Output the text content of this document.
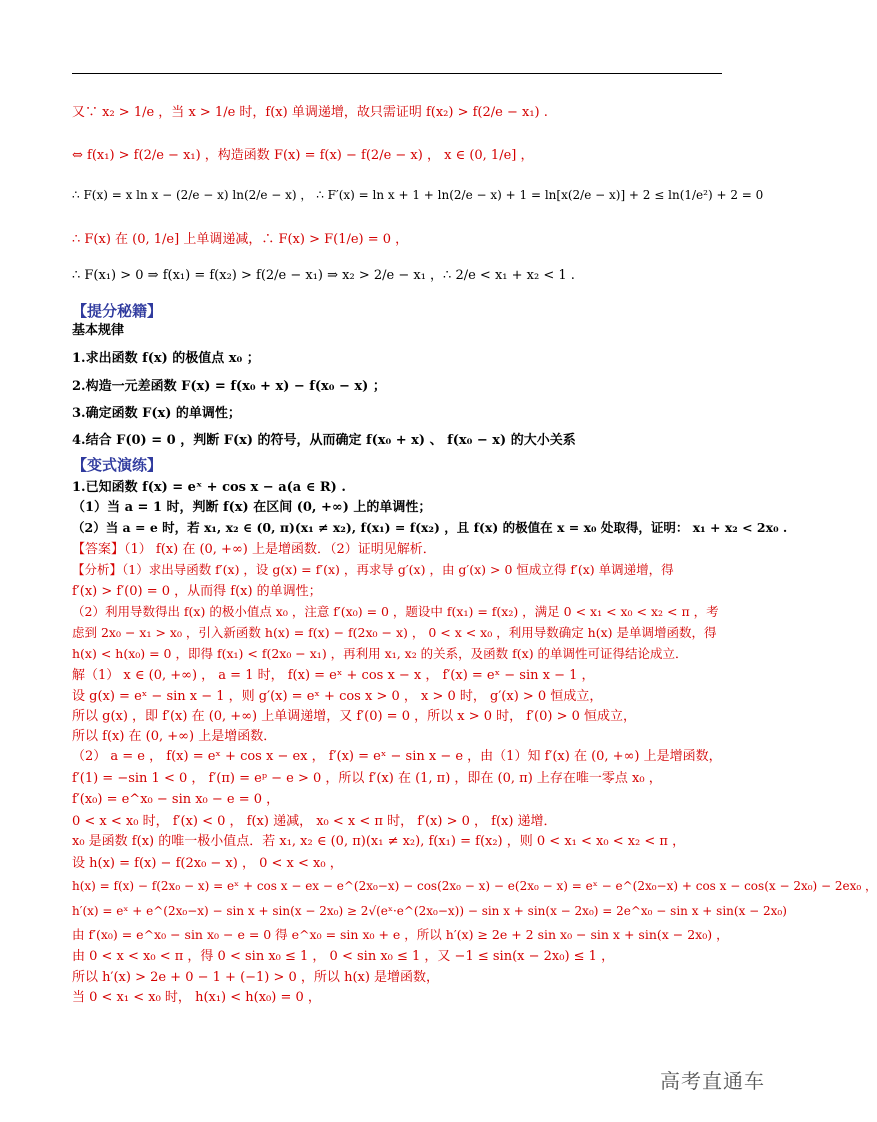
又∵ x₂ > 1/e ，当 x > 1/e 时，f(x) 单调递增，故只需证明 f(x₂) > f(2/e − x₁) .
⇔ f(x₁) > f(2/e − x₁) ，构造函数 F(x) = f(x) − f(2/e − x) ， x ∈ (0, 1/e] ，
∴ F(x) = x ln x − (2/e − x) ln(2/e − x) ， ∴ F′(x) = ln x + 1 + ln(2/e − x) + 1 = ln[x(2/e − x)] + 2 ≤ ln(1/e²) + 2 = 0
∴ F(x) 在 (0, 1/e] 上单调递减，∴ F(x) > F(1/e) = 0 ，
∴ F(x₁) > 0 ⇒ f(x₁) = f(x₂) > f(2/e − x₁) ⇒ x₂ > 2/e − x₁ ，∴ 2/e < x₁ + x₂ < 1 .
【提分秘籍】
基本规律
1.求出函数 f(x) 的极值点 x₀ ；
2.构造一元差函数 F(x) = f(x₀ + x) − f(x₀ − x) ；
3.确定函数 F(x) 的单调性；
4.结合 F(0) = 0 ，判断 F(x) 的符号，从而确定 f(x₀ + x) 、 f(x₀ − x) 的大小关系
【变式演练】
1.已知函数 f(x) = eˣ + cos x − a(a ∈ R) .
（1）当 a = 1 时，判断 f(x) 在区间 (0, +∞) 上的单调性；
（2）当 a = e 时，若 x₁, x₂ ∈ (0, π)(x₁ ≠ x₂), f(x₁) = f(x₂) ，且 f(x) 的极值在 x = x₀ 处取得，证明： x₁ + x₂ < 2x₀ .
【答案】（1） f(x) 在 (0, +∞) 上是增函数．（2）证明见解析．
【分析】（1）求出导函数 f′(x) ，设 g(x) = f′(x) ，再求导 g′(x) ，由 g′(x) > 0 恒成立得 f′(x) 单调递增，得
f′(x) > f′(0) = 0 ，从而得 f(x) 的单调性；
（2）利用导数得出 f(x) 的极小值点 x₀ ，注意 f′(x₀) = 0 ，题设中 f(x₁) = f(x₂) ，满足 0 < x₁ < x₀ < x₂ < π ，考
虑到 2x₀ − x₁ > x₀ ，引入新函数 h(x) = f(x) − f(2x₀ − x) ， 0 < x < x₀ ，利用导数确定 h(x) 是单调增函数，得
h(x) < h(x₀) = 0 ，即得 f(x₁) < f(2x₀ − x₁) ，再利用 x₁, x₂ 的关系，及函数 f(x) 的单调性可证得结论成立．
解（1） x ∈ (0, +∞) ， a = 1 时， f(x) = eˣ + cos x − x ， f′(x) = eˣ − sin x − 1 ，
设 g(x) = eˣ − sin x − 1 ，则 g′(x) = eˣ + cos x > 0 ， x > 0 时， g′(x) > 0 恒成立，
所以 g(x) ，即 f′(x) 在 (0, +∞) 上单调递增，又 f′(0) = 0 ，所以 x > 0 时， f′(0) > 0 恒成立，
所以 f(x) 在 (0, +∞) 上是增函数．
（2） a = e ， f(x) = eˣ + cos x − ex ， f′(x) = eˣ − sin x − e ，由（1）知 f′(x) 在 (0, +∞) 上是增函数，
f′(1) = −sin 1 < 0 ， f′(π) = eᵖ − e > 0 ，所以 f′(x) 在 (1, π) ，即在 (0, π) 上存在唯一零点 x₀ ，
f′(x₀) = e^x₀ − sin x₀ − e = 0 ，
0 < x < x₀ 时， f′(x) < 0 ， f(x) 递减， x₀ < x < π 时， f′(x) > 0 ， f(x) 递增．
x₀ 是函数 f(x) 的唯一极小值点．若 x₁, x₂ ∈ (0, π)(x₁ ≠ x₂), f(x₁) = f(x₂) ，则 0 < x₁ < x₀ < x₂ < π ，
设 h(x) = f(x) − f(2x₀ − x) ， 0 < x < x₀ ，
h(x) = f(x) − f(2x₀ − x) = eˣ + cos x − ex − e^(2x₀−x) − cos(2x₀ − x) − e(2x₀ − x) = eˣ − e^(2x₀−x) + cos x − cos(x − 2x₀) − 2ex₀ ，
h′(x) = eˣ + e^(2x₀−x) − sin x + sin(x − 2x₀) ≥ 2√(eˣ·e^(2x₀−x)) − sin x + sin(x − 2x₀) = 2e^x₀ − sin x + sin(x − 2x₀)
由 f′(x₀) = e^x₀ − sin x₀ − e = 0 得 e^x₀ = sin x₀ + e ，所以 h′(x) ≥ 2e + 2 sin x₀ − sin x + sin(x − 2x₀) ，
由 0 < x < x₀ < π ，得 0 < sin x₀ ≤ 1 ， 0 < sin x₀ ≤ 1 ，又 −1 ≤ sin(x − 2x₀) ≤ 1 ，
所以 h′(x) > 2e + 0 − 1 + (−1) > 0 ，所以 h(x) 是增函数，
当 0 < x₁ < x₀ 时， h(x₁) < h(x₀) = 0 ，
高考直通车
